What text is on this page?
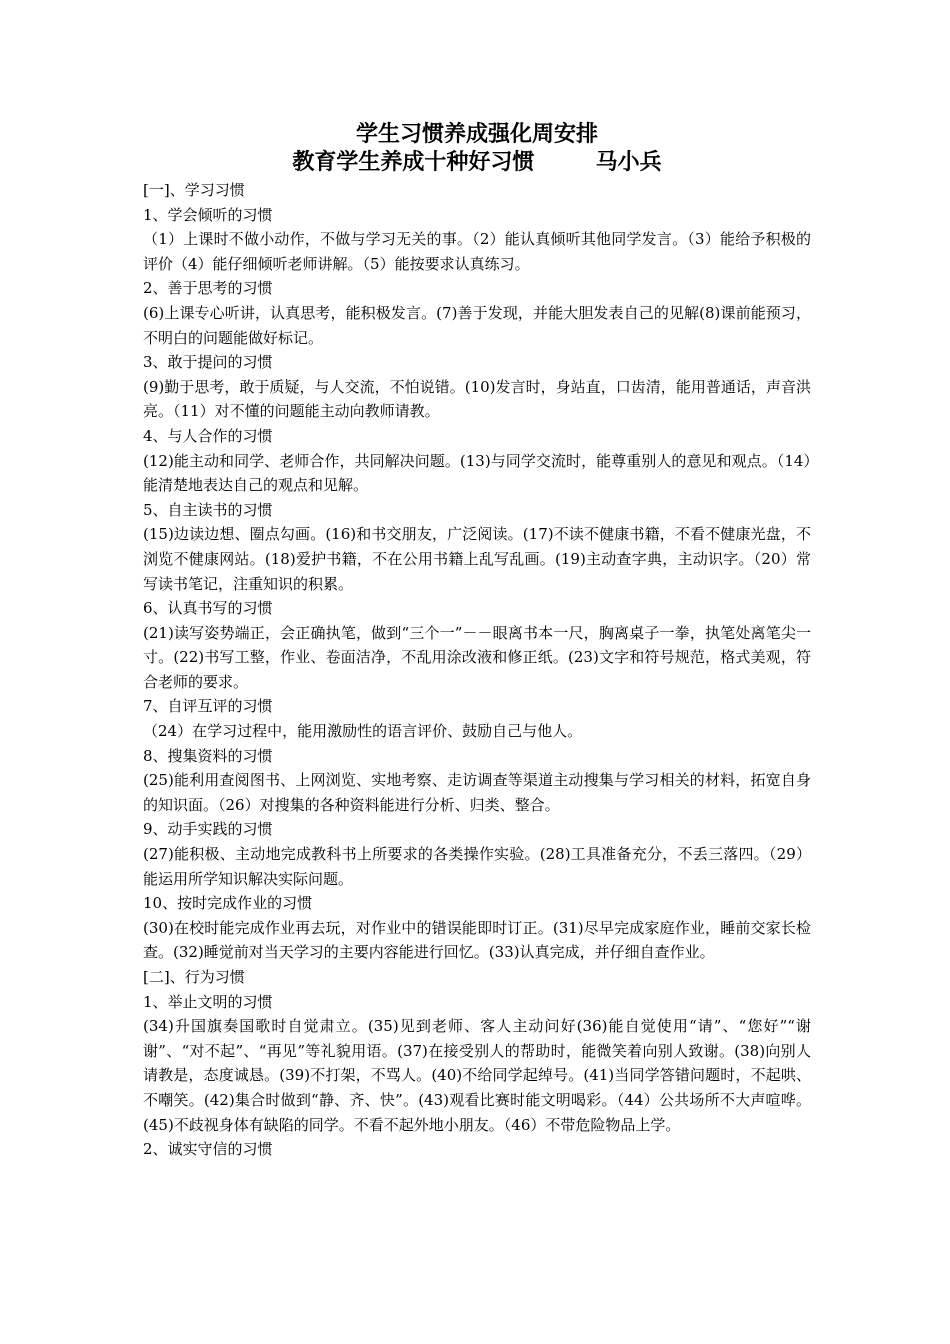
学生习惯养成强化周安排
教育学生养成十种好习惯        马小兵

[一]、学习习惯

1、学会倾听的习惯

（1）上课时不做小动作，不做与学习无关的事。（2）能认真倾听其他同学发言。（3）能给予积极的评价（4）能仔细倾听老师讲解。（5）能按要求认真练习。

2、善于思考的习惯

(6)上课专心听讲，认真思考，能积极发言。(7)善于发现，并能大胆发表自己的见解(8)课前能预习，不明白的问题能做好标记。

3、敢于提问的习惯

(9)勤于思考，敢于质疑，与人交流，不怕说错。(10)发言时，身站直，口齿清，能用普通话，声音洪亮。（11）对不懂的问题能主动向教师请教。

4、与人合作的习惯

(12)能主动和同学、老师合作，共同解决问题。(13)与同学交流时，能尊重别人的意见和观点。（14）能清楚地表达自己的观点和见解。

5、自主读书的习惯

(15)边读边想、圈点勾画。(16)和书交朋友，广泛阅读。(17)不读不健康书籍，不看不健康光盘，不浏览不健康网站。(18)爱护书籍，不在公用书籍上乱写乱画。(19)主动查字典，主动识字。（20）常写读书笔记，注重知识的积累。

6、认真书写的习惯

(21)读写姿势端正，会正确执笔，做到“三个一”－－眼离书本一尺，胸离桌子一拳，执笔处离笔尖一寸。(22)书写工整，作业、卷面洁净，不乱用涂改液和修正纸。(23)文字和符号规范，格式美观，符合老师的要求。

7、自评互评的习惯

（24）在学习过程中，能用激励性的语言评价、鼓励自己与他人。

8、搜集资料的习惯

(25)能利用查阅图书、上网浏览、实地考察、走访调查等渠道主动搜集与学习相关的材料，拓宽自身的知识面。（26）对搜集的各种资料能进行分析、归类、整合。

9、动手实践的习惯

(27)能积极、主动地完成教科书上所要求的各类操作实验。(28)工具准备充分，不丢三落四。（29）能运用所学知识解决实际问题。

10、按时完成作业的习惯

(30)在校时能完成作业再去玩，对作业中的错误能即时订正。(31)尽早完成家庭作业，睡前交家长检查。(32)睡觉前对当天学习的主要内容能进行回忆。(33)认真完成，并仔细自查作业。

[二]、行为习惯

1、举止文明的习惯

(34)升国旗奏国歌时自觉肃立。(35)见到老师、客人主动问好(36)能自觉使用“请”、“您好”“谢谢”、“对不起”、“再见”等礼貌用语。(37)在接受别人的帮助时，能微笑着向别人致谢。(38)向别人请教是，态度诚恳。(39)不打架，不骂人。(40)不给同学起绰号。(41)当同学答错问题时，不起哄、不嘲笑。(42)集合时做到“静、齐、快”。(43)观看比赛时能文明喝彩。（44）公共场所不大声喧哗。(45)不歧视身体有缺陷的同学。不看不起外地小朋友。（46）不带危险物品上学。

2、诚实守信的习惯
